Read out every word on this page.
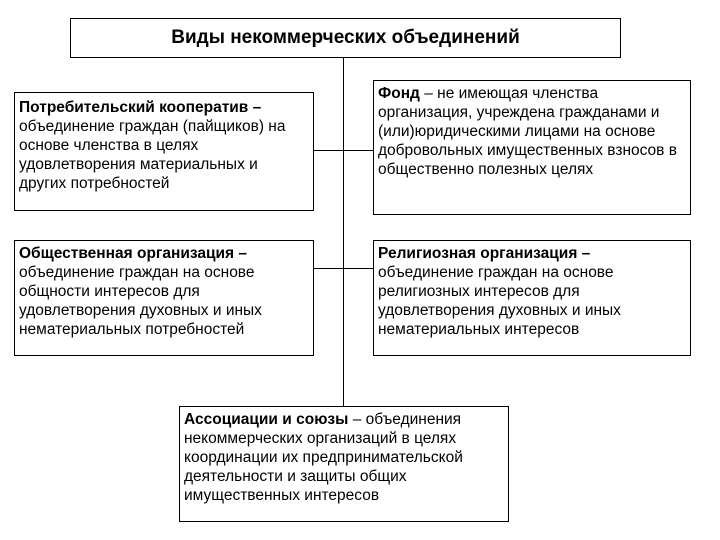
Виды некоммерческих объединений
Потребительский кооператив – объединение граждан (пайщиков) на основе членства в целях удовлетворения материальных и других потребностей
Фонд – не имеющая членства организация, учреждена гражданами и (или)юридическими лицами на основе добровольных имущественных взносов в общественно полезных целях
Общественная организация – объединение граждан на основе общности интересов для удовлетворения духовных и иных нематериальных потребностей
Религиозная организация – объединение граждан на основе религиозных интересов для удовлетворения духовных и иных нематериальных интересов
Ассоциации и союзы – объединения некоммерческих организаций в целях координации их предпринимательской деятельности и защиты общих имущественных интересов
